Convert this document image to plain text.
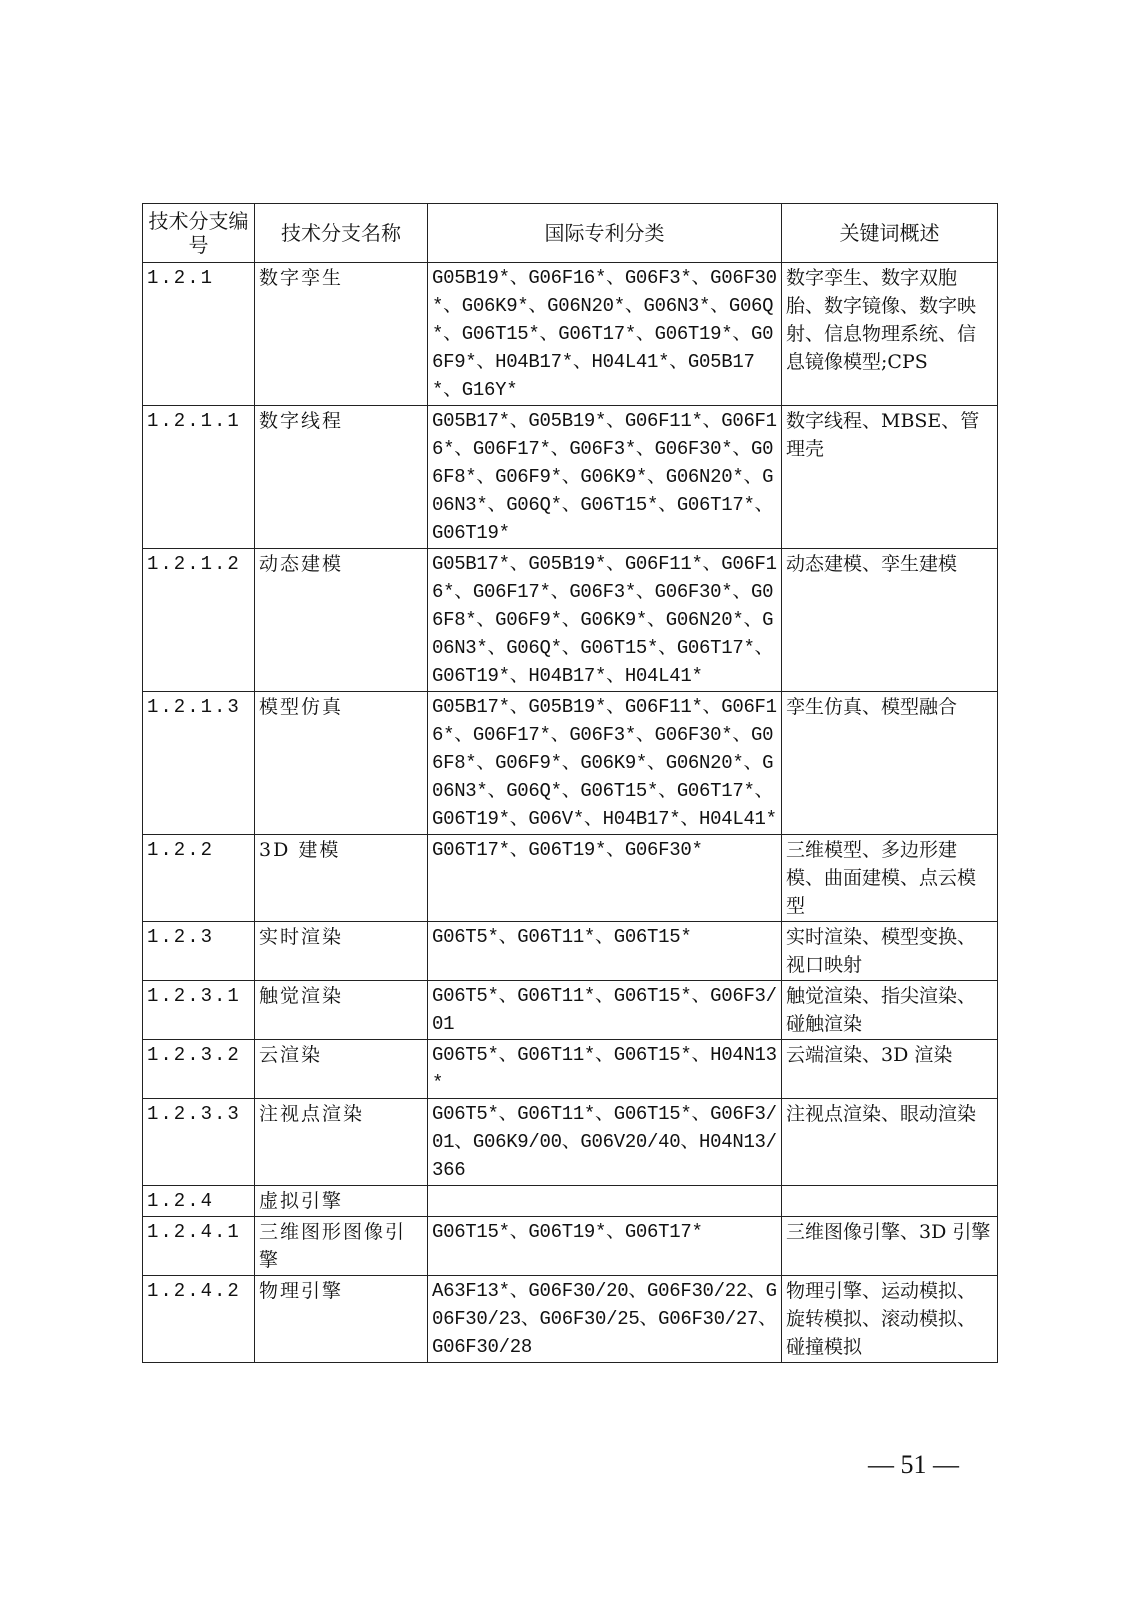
技术分支编号	技术分支名称	国际专利分类	关键词概述
1.2.1	数字孪生	G05B19*、G06F16*、G06F3*、G06F30*、G06K9*、G06N20*、G06N3*、G06Q*、G06T15*、G06T17*、G06T19*、G06F9*、H04B17*、H04L41*、G05B17*、G16Y*	数字孪生、数字双胞胎、数字镜像、数字映射、信息物理系统、信息镜像模型;CPS
1.2.1.1	数字线程	G05B17*、G05B19*、G06F11*、G06F16*、G06F17*、G06F3*、G06F30*、G06F8*、G06F9*、G06K9*、G06N20*、G06N3*、G06Q*、G06T15*、G06T17*、G06T19*	数字线程、MBSE、管理壳
1.2.1.2	动态建模	G05B17*、G05B19*、G06F11*、G06F16*、G06F17*、G06F3*、G06F30*、G06F8*、G06F9*、G06K9*、G06N20*、G06N3*、G06Q*、G06T15*、G06T17*、G06T19*、H04B17*、H04L41*	动态建模、孪生建模
1.2.1.3	模型仿真	G05B17*、G05B19*、G06F11*、G06F16*、G06F17*、G06F3*、G06F30*、G06F8*、G06F9*、G06K9*、G06N20*、G06N3*、G06Q*、G06T15*、G06T17*、G06T19*、G06V*、H04B17*、H04L41*	孪生仿真、模型融合
1.2.2	3D 建模	G06T17*、G06T19*、G06F30*	三维模型、多边形建模、曲面建模、点云模型
1.2.3	实时渲染	G06T5*、G06T11*、G06T15*	实时渲染、模型变换、视口映射
1.2.3.1	触觉渲染	G06T5*、G06T11*、G06T15*、G06F3/01	触觉渲染、指尖渲染、碰触渲染
1.2.3.2	云渲染	G06T5*、G06T11*、G06T15*、H04N13*	云端渲染、3D 渲染
1.2.3.3	注视点渲染	G06T5*、G06T11*、G06T15*、G06F3/01、G06K9/00、G06V20/40、H04N13/366	注视点渲染、眼动渲染
1.2.4	虚拟引擎		
1.2.4.1	三维图形图像引擎	G06T15*、G06T19*、G06T17*	三维图像引擎、3D 引擎
1.2.4.2	物理引擎	A63F13*、G06F30/20、G06F30/22、G06F30/23、G06F30/25、G06F30/27、G06F30/28	物理引擎、运动模拟、旋转模拟、滚动模拟、碰撞模拟
— 51 —
